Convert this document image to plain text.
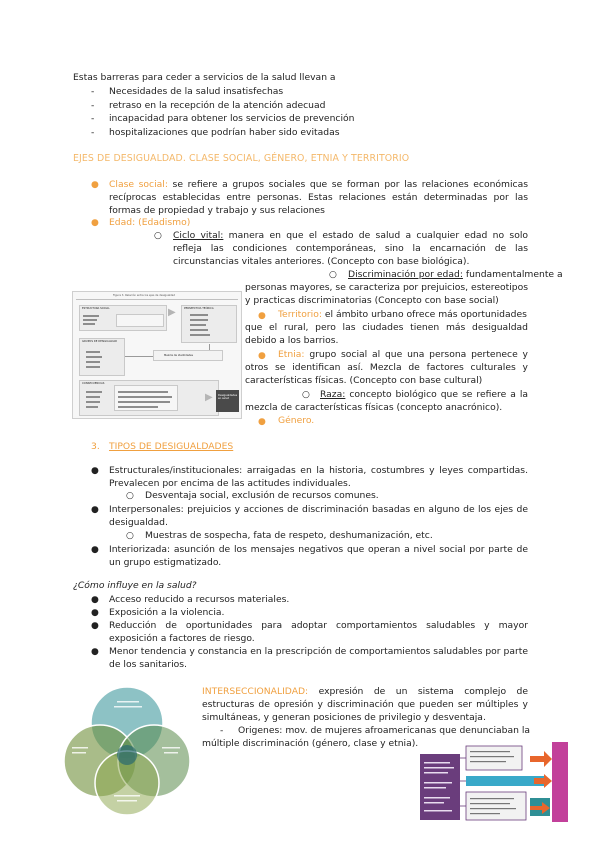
Estas barreras para ceder a servicios de la salud llevan a
- Necesidades de la salud insatisfechas
- retraso en la recepción de la atención adecuad
- incapacidad para obtener los servicios de prevención
- hospitalizaciones que podrían haber sido evitadas
EJES DE DESIGUALDAD. CLASE SOCIAL, GÉNERO, ETNIA Y TERRITORIO
● Clase social: se refiere a grupos sociales que se forman por las relaciones económicas recíprocas establecidas entre personas. Estas relaciones están determinadas por las formas de propiedad y trabajo y sus relaciones
● Edad: (Edadismo)
○ Ciclo vital: manera en que el estado de salud a cualquier edad no solo refleja las condiciones contemporáneas, sino la encarnación de las circunstancias vitales anteriores. (Concepto con base biológica).
Figura 3. Relación entre los ejes de desigualdad
ESTRUCTURA SOCIAL	▶	PERSPECTIVA TEÓRICA
GRUPOS DE DESIGUALDAD
Mezcla de identidades
CONSECUENCIAS
▶ Desigualdades en salud
○ Discriminación por edad: fundamentalmente a
personas mayores, se caracteriza por prejuicios, estereotipos y practicas discriminatorias (Concepto con base social)
● Territorio: el ámbito urbano ofrece más oportunidades
que el rural, pero las ciudades tienen más desigualdad debido a los barrios.
● Etnia: grupo social al que una persona pertenece y
otros se identifican así. Mezcla de factores culturales y características físicas. (Concepto con base cultural)
○ Raza: concepto biológico que se refiere a la
mezcla de características físicas (concepto anacrónico).
● Género.
3. TIPOS DE DESIGUALDADES
● Estructurales/institucionales: arraigadas en la historia, costumbres y leyes compartidas. Prevalecen por encima de las actitudes individuales.
○ Desventaja social, exclusión de recursos comunes.
● Interpersonales: prejuicios y acciones de discriminación basadas en alguno de los ejes de desigualdad.
○ Muestras de sospecha, fata de respeto, deshumanización, etc.
● Interiorizada: asunción de los mensajes negativos que operan a nivel social por parte de un grupo estigmatizado.
¿Cómo influye en la salud?
● Acceso reducido a recursos materiales.
● Exposición a la violencia.
● Reducción de oportunidades para adoptar comportamientos saludables y mayor exposición a factores de riesgo.
● Menor tendencia y constancia en la prescripción de comportamientos saludables por parte de los sanitarios.
INTERSECCIONALIDAD: expresión de un sistema complejo de estructuras de opresión y discriminación que pueden ser múltiples y simultáneas, y generan posiciones de privilegio y desventaja.
- Origenes: mov. de mujeres afroamericanas que denunciaban la
múltiple discriminación (género, clase y etnia).
